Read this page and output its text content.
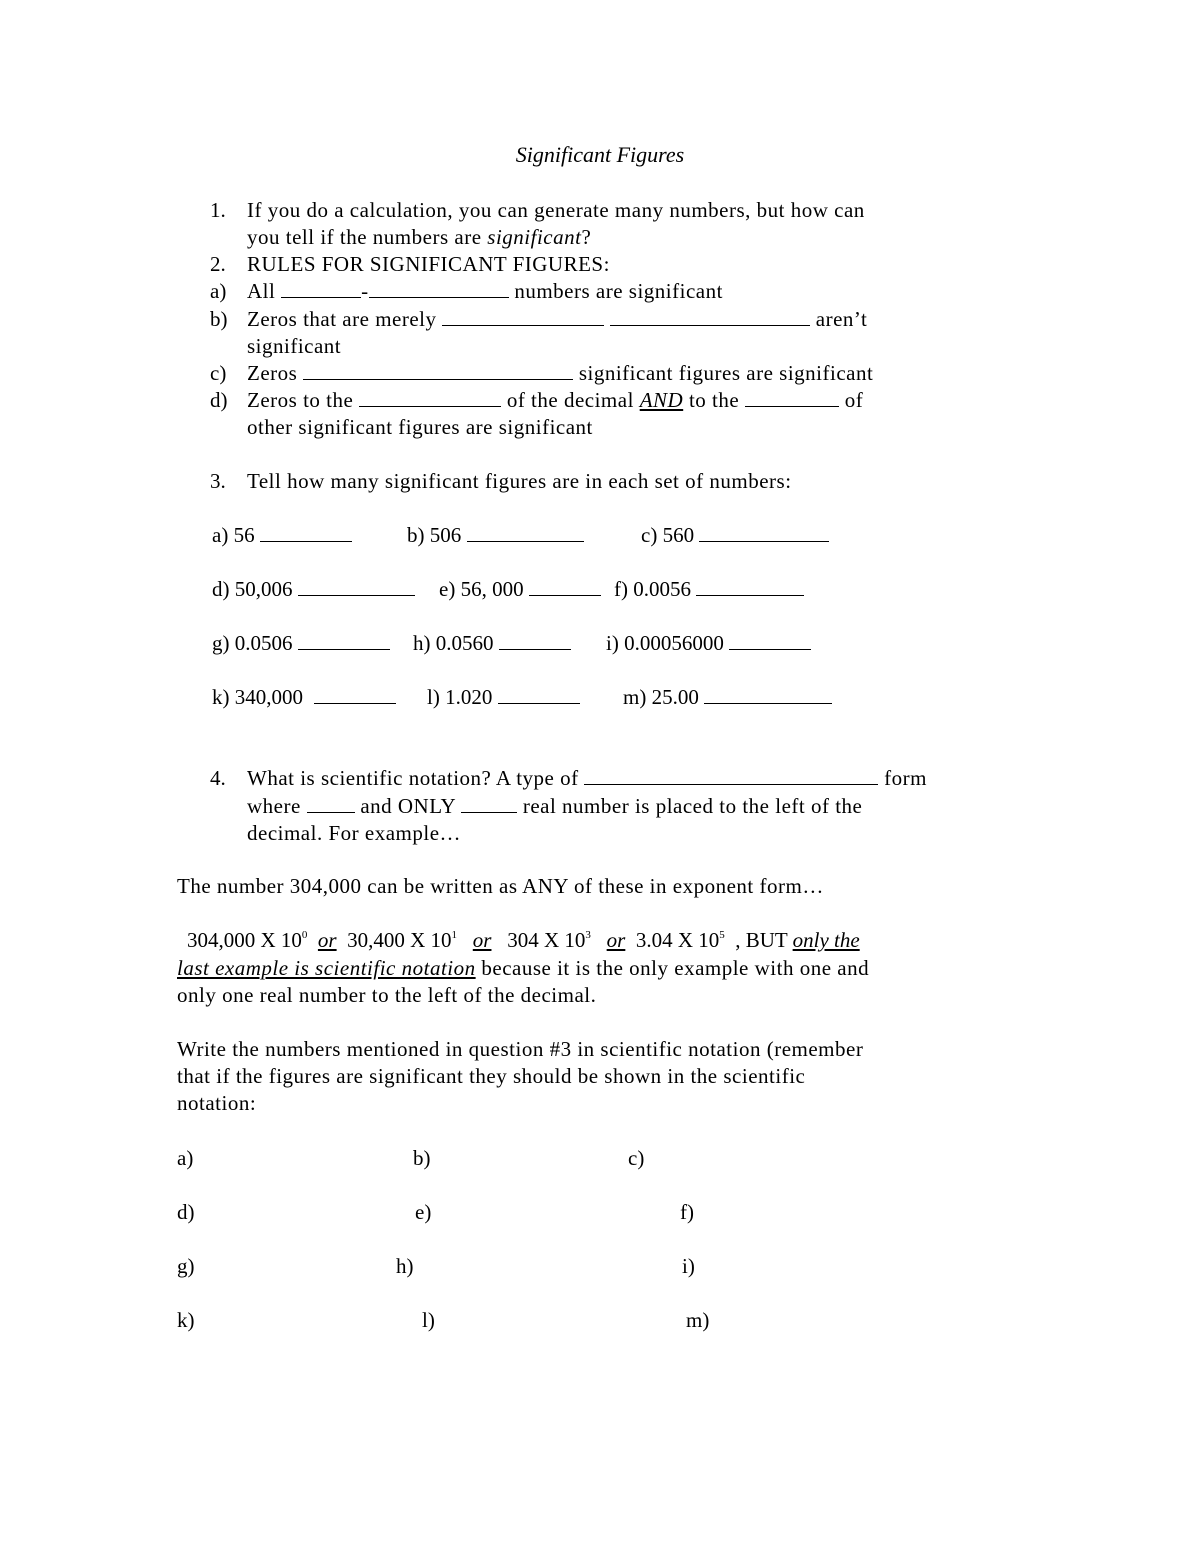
Significant Figures
1. If you do a calculation, you can generate many numbers, but how can
you tell if the numbers are significant?
2. RULES FOR SIGNIFICANT FIGURES:
a) All	-	numbers are significant
b) Zeros that are merely	aren’t
significant
c) Zeros	significant figures are significant
d) Zeros to the	of the decimal AND to the	of
other significant figures are significant
3. Tell how many significant figures are in each set of numbers:
a) 56	b) 506	c) 560
d) 50,006	e) 56, 000	f) 0.0056
g) 0.0506	h) 0.0560	i) 0.00056000
k) 340,000	l) 1.020	m) 25.00
4. What is scientific notation? A type of	form
where	and ONLY	real number is placed to the left of the
decimal. For example…
The number 304,000 can be written as ANY of these in exponent form…
304,000 X $10^0$ or 30,400 X $10^1$ or 304 X $10^3$ or 3.04 X $10^5$ , BUT only the
last example is scientific notation because it is the only example with one and
only one real number to the left of the decimal.
Write the numbers mentioned in question #3 in scientific notation (remember
that if the figures are significant they should be shown in the scientific
notation:
a)	b)	c)
d)	e)	f)
g)	h)	i)
k)	l)	m)
